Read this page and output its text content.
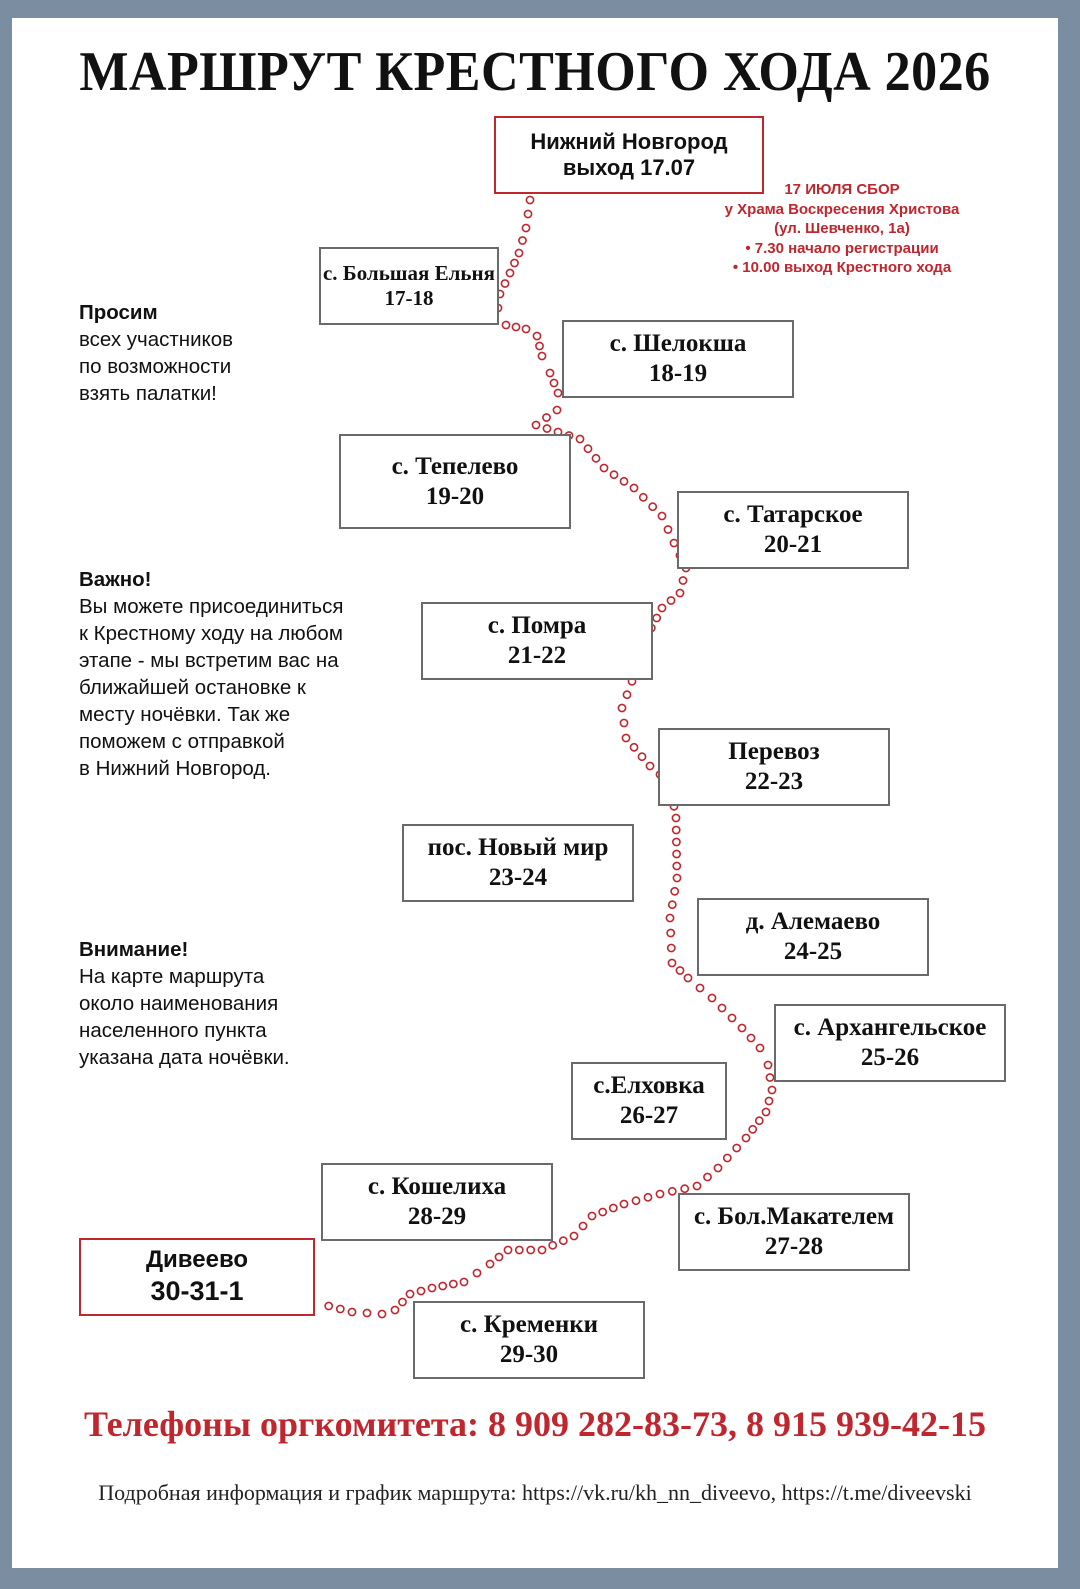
МАРШРУТ КРЕСТНОГО ХОДА 2026
Нижний Новгород
выход 17.07
с. Большая Ельня
17-18
с. Шелокша
18-19
с. Тепелево
19-20
с. Татарское
20-21
с. Помра
21-22
Перевоз
22-23
пос. Новый мир
23-24
д. Алемаево
24-25
с. Архангельское
25-26
с.Елховка
26-27
с. Бол.Макателем
27-28
с. Кошелиха
28-29
с. Кременки
29-30
Дивеево
30-31-1
17 ИЮЛЯ СБОР
у Храма Воскресения Христова
(ул. Шевченко, 1а)
• 7.30 начало регистрации
• 10.00 выход Крестного хода
Просим
всех участников
по возможности
взять палатки!
Важно!
Вы можете присоединиться
к Крестному ходу на любом
этапе - мы встретим вас на
ближайшей остановке к
месту ночёвки. Так же
поможем с отправкой
в Нижний Новгород.
Внимание!
На карте маршрута
около наименования
населенного пункта
указана дата ночёвки.
Телефоны оргкомитета: 8 909 282-83-73, 8 915 939-42-15
Подробная информация и график маршрута: https://vk.ru/kh_nn_diveevo, https://t.me/diveevski
